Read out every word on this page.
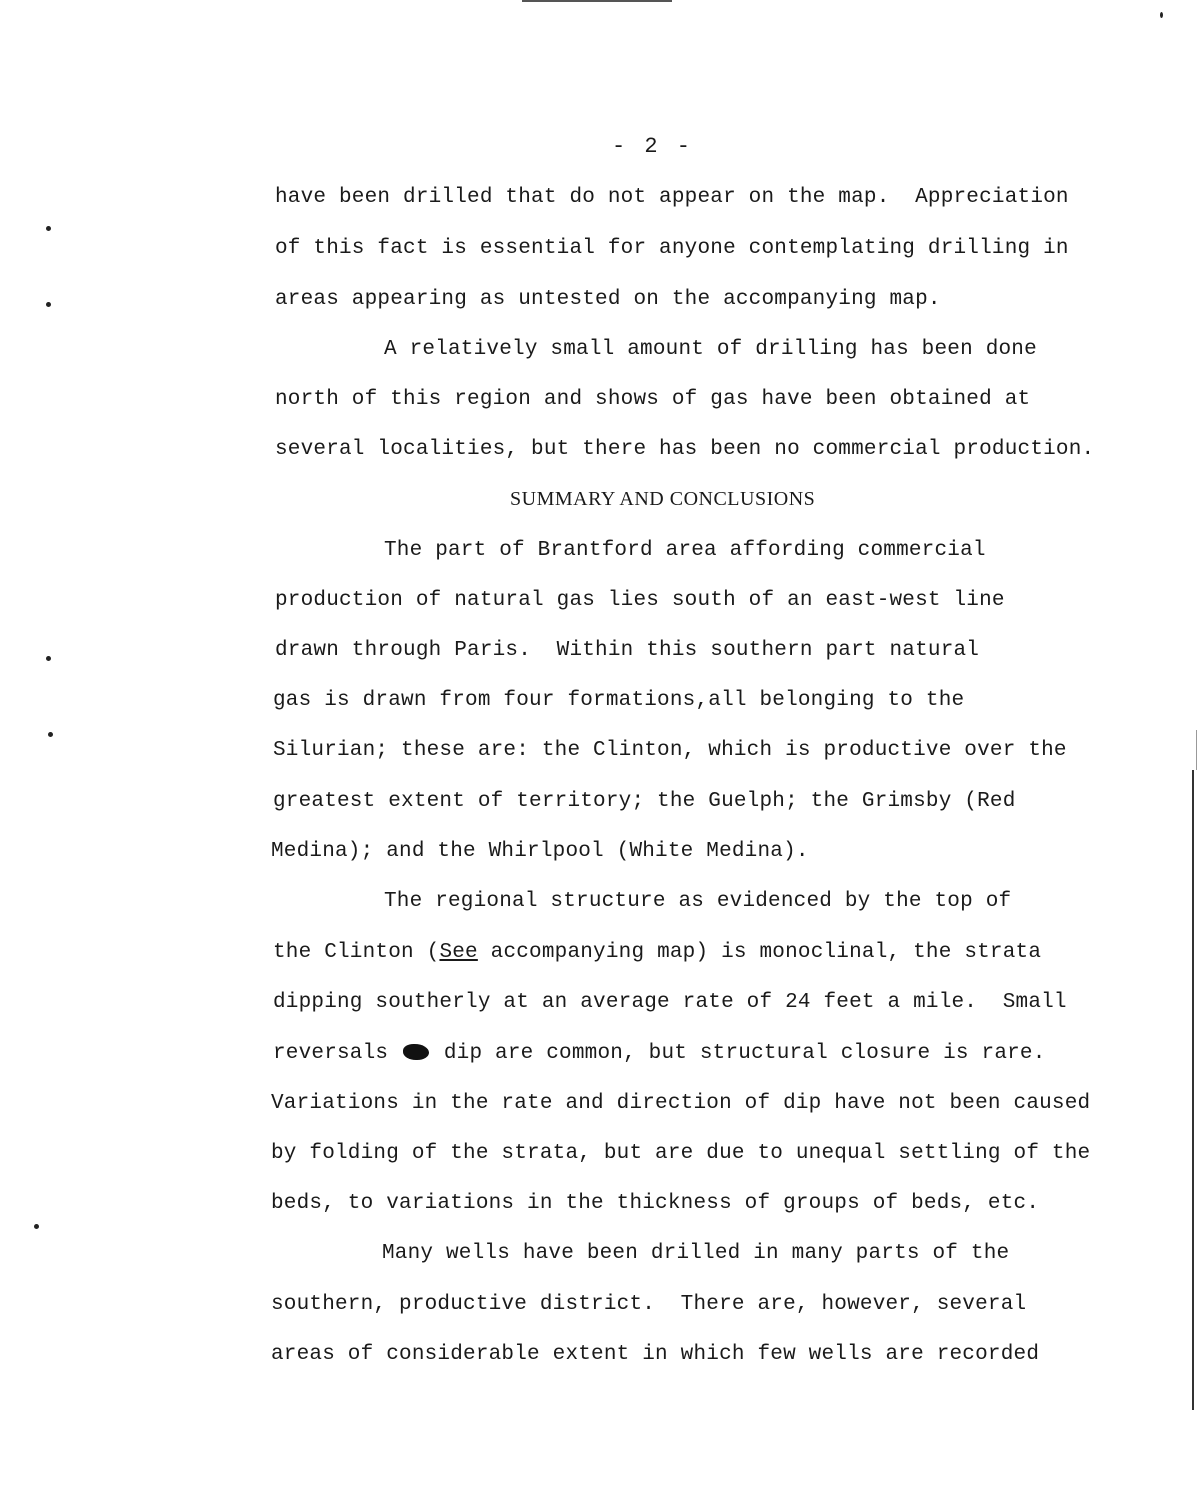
- 2 -
have been drilled that do not appear on the map.  Appreciation
of this fact is essential for anyone contemplating drilling in
areas appearing as untested on the accompanying map.
A relatively small amount of drilling has been done
north of this region and shows of gas have been obtained at
several localities, but there has been no commercial production.
SUMMARY AND CONCLUSIONS
The part of Brantford area affording commercial
production of natural gas lies south of an east-west line
drawn through Paris.  Within this southern part natural
gas is drawn from four formations,all belonging to the
Silurian; these are: the Clinton, which is productive over the
greatest extent of territory; the Guelph; the Grimsby (Red
Medina); and the Whirlpool (White Medina).
The regional structure as evidenced by the top of
the Clinton (See accompanying map) is monoclinal, the strata
dipping southerly at an average rate of 24 feet a mile.  Small
reversals	dip are common, but structural closure is rare.
Variations in the rate and direction of dip have not been caused
by folding of the strata, but are due to unequal settling of the
beds, to variations in the thickness of groups of beds, etc.
Many wells have been drilled in many parts of the
southern, productive district.  There are, however, several
areas of considerable extent in which few wells are recorded
